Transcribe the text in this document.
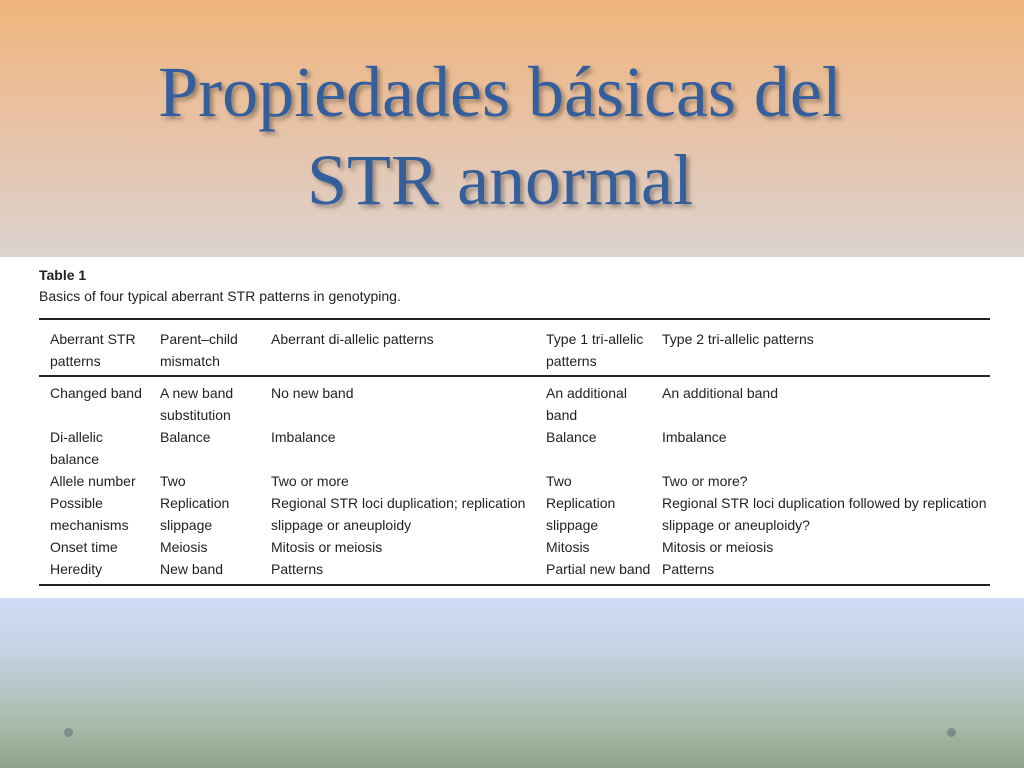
Propiedades básicas del
STR anormal
Table 1
Basics of four typical aberrant STR patterns in genotyping.
Aberrant STR patterns	Parent–child mismatch	Aberrant di-allelic patterns	Type 1 tri-allelic patterns	Type 2 tri-allelic patterns
Changed band	A new band substitution	No new band	An additional band	An additional band
Di-allelic balance	Balance	Imbalance	Balance	Imbalance
Allele number	Two	Two or more	Two	Two or more?
Possible mechanisms	Replication slippage	Regional STR loci duplication; replication slippage or aneuploidy	Replication slippage	Regional STR loci duplication followed by replication slippage or aneuploidy?
Onset time	Meiosis	Mitosis or meiosis	Mitosis	Mitosis or meiosis
Heredity	New band	Patterns	Partial new band	Patterns
